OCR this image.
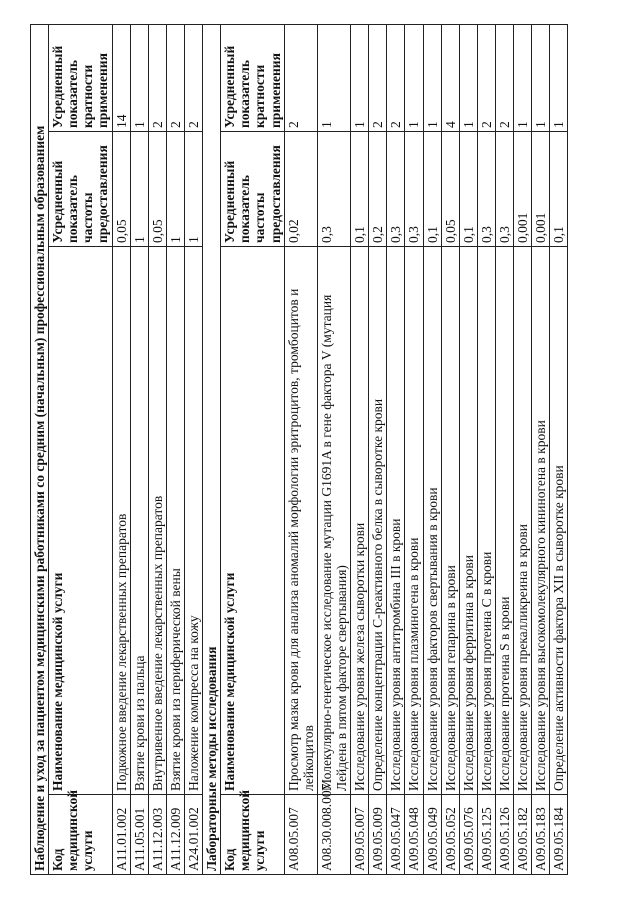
Наблюдение и уход за пациентом медицинскими работниками со средним (начальным) профессиональным образованием			
Код медицинской услуги	Наименование медицинской услуги	Усредненный показатель частоты предоставления	Усредненный показатель кратности применения
A11.01.002	Подкожное введение лекарственных препаратов	0,05	14
A11.05.001	Взятие крови из пальца	1	1
A11.12.003	Внутривенное введение лекарственных препаратов	0,05	2
A11.12.009	Взятие крови из периферической вены	1	2
A24.01.002	Наложение компресса на кожу	1	2
Лабораторные методы исследования			
Код медицинской услуги	Наименование медицинской услуги	Усредненный показатель частоты предоставления	Усредненный показатель кратности применения
A08.05.007	Просмотр мазка крови для анализа аномалий морфологии эритроцитов, тромбоцитов и лейкоцитов	0,02	2
A08.30.008.007	Молекулярно-генетическое исследование мутации G1691A в гене фактора V (мутация Лейдена в пятом факторе свертывания)	0,3	1
A09.05.007	Исследование уровня железа сыворотки крови	0,1	1
A09.05.009	Определение концентрации C-реактивного белка в сыворотке крови	0,2	2
A09.05.047	Исследование уровня антитромбина III в крови	0,3	2
A09.05.048	Исследование уровня плазминогена в крови	0,3	1
A09.05.049	Исследование уровня факторов свертывания в крови	0,1	1
A09.05.052	Исследование уровня гепарина в крови	0,05	4
A09.05.076	Исследование уровня ферритина в крови	0,1	1
A09.05.125	Исследование уровня протеина C в крови	0,3	2
A09.05.126	Исследование протеина S в крови	0,3	2
A09.05.182	Исследование уровня прекалликреина в крови	0,001	1
A09.05.183	Исследование уровня высокомолекулярного кининогена в крови	0,001	1
A09.05.184	Определение активности фактора XII в сыворотке крови	0,1	1
